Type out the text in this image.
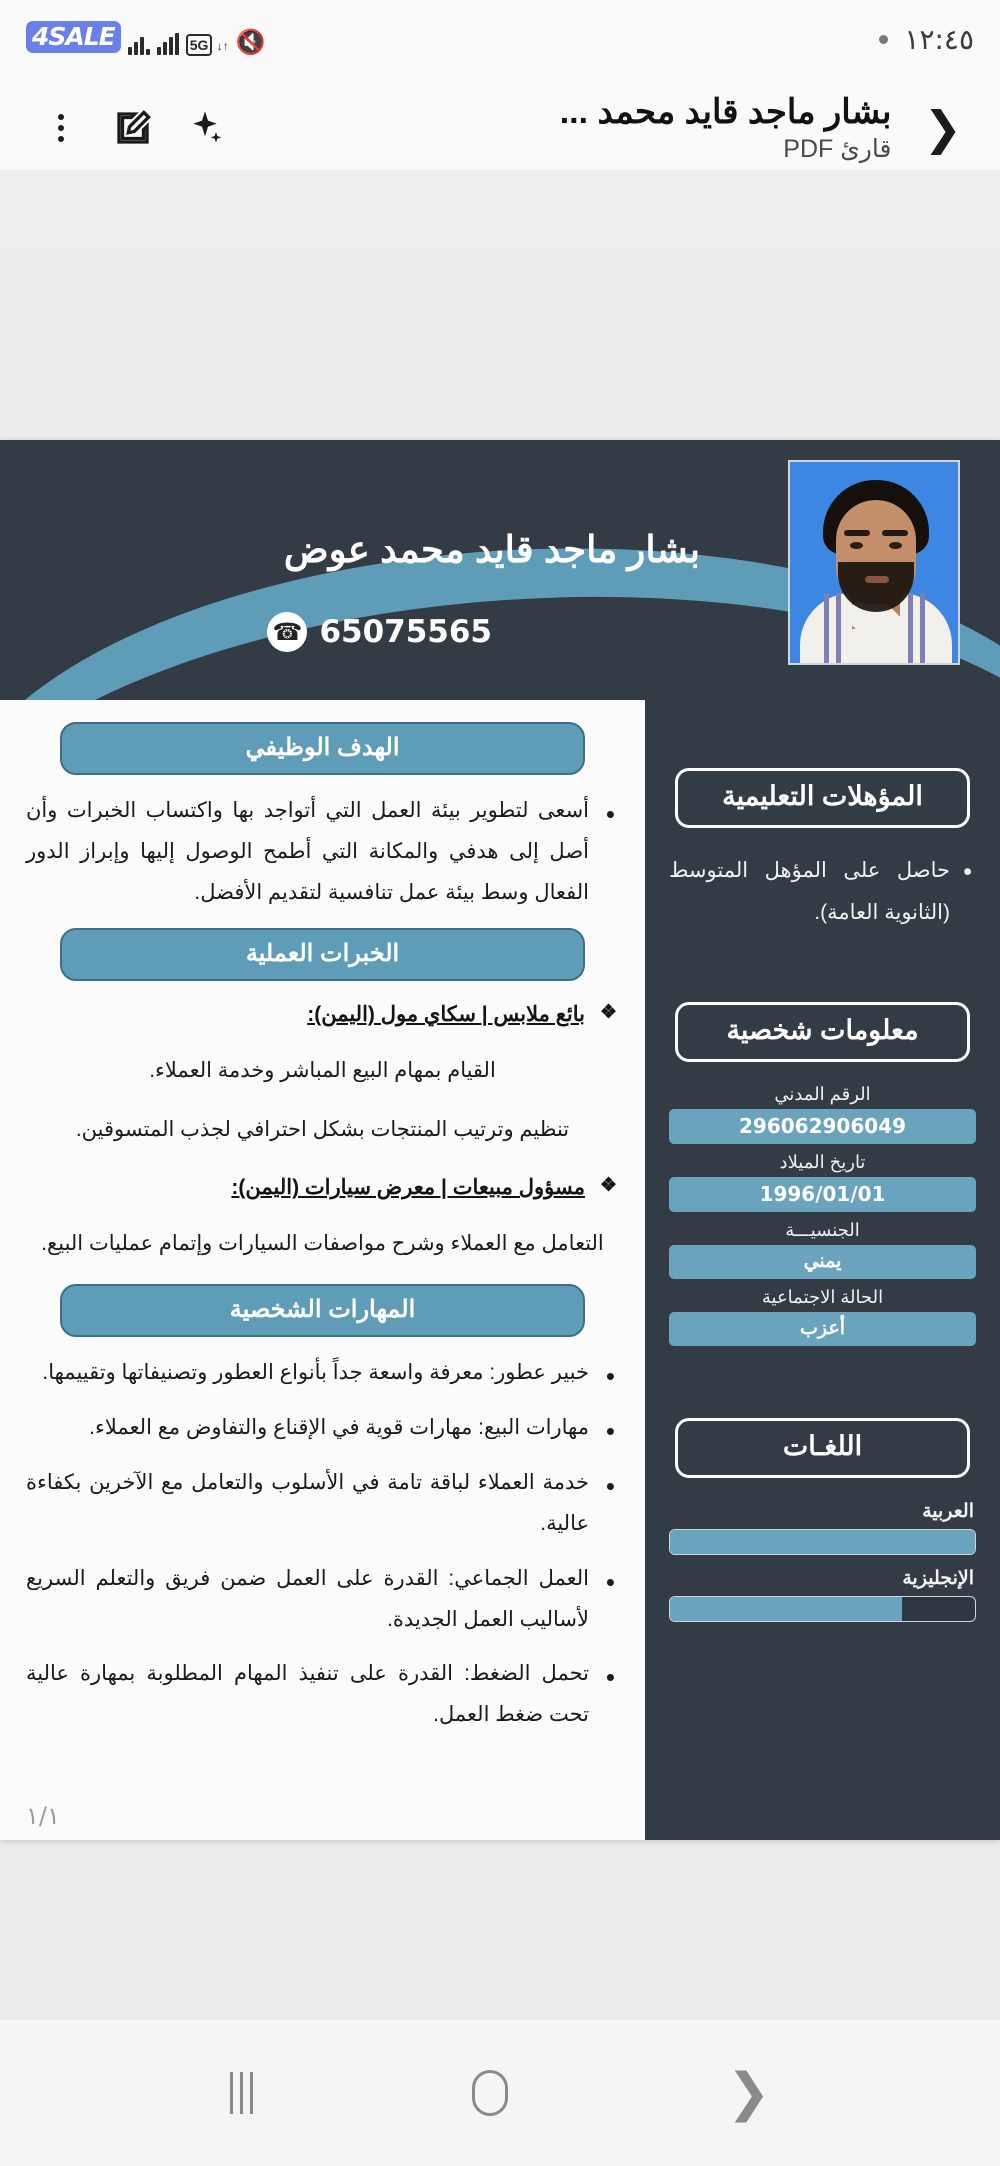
4SALE	5G ↓↑ 🔇	١٢:٤٥
❯
بشار ماجد قايد محمد ...
قارئ PDF
بشار ماجد قايد محمد عوض
☎ 65075565
المؤهلات التعليمية
• حاصل على المؤهل المتوسط (الثانوية العامة).
معلومات شخصية
الرقم المدني
296062906049
تاريخ الميلاد
1996/01/01
الجنسيـــة
يمني
الحالة الاجتماعية
أعزب
اللغـات
العربية
الإنجليزية
الهدف الوظيفي
• أسعى لتطوير بيئة العمل التي أتواجد بها واكتساب الخبرات وأن أصل إلى هدفي والمكانة التي أطمح الوصول إليها وإبراز الدور الفعال وسط بيئة عمل تنافسية لتقديم الأفضل.
الخبرات العملية
❖ بائع ملابس | سكاي مول (اليمن):
القيام بمهام البيع المباشر وخدمة العملاء.
تنظيم وترتيب المنتجات بشكل احترافي لجذب المتسوقين.
❖ مسؤول مبيعات | معرض سيارات (اليمن):
التعامل مع العملاء وشرح مواصفات السيارات وإتمام عمليات البيع.
المهارات الشخصية
• خبير عطور: معرفة واسعة جداً بأنواع العطور وتصنيفاتها وتقييمها.
• مهارات البيع: مهارات قوية في الإقناع والتفاوض مع العملاء.
• خدمة العملاء لباقة تامة في الأسلوب والتعامل مع الآخرين بكفاءة عالية.
• العمل الجماعي: القدرة على العمل ضمن فريق والتعلم السريع لأساليب العمل الجديدة.
• تحمل الضغط: القدرة على تنفيذ المهام المطلوبة بمهارة عالية تحت ضغط العمل.
١/١
❯
